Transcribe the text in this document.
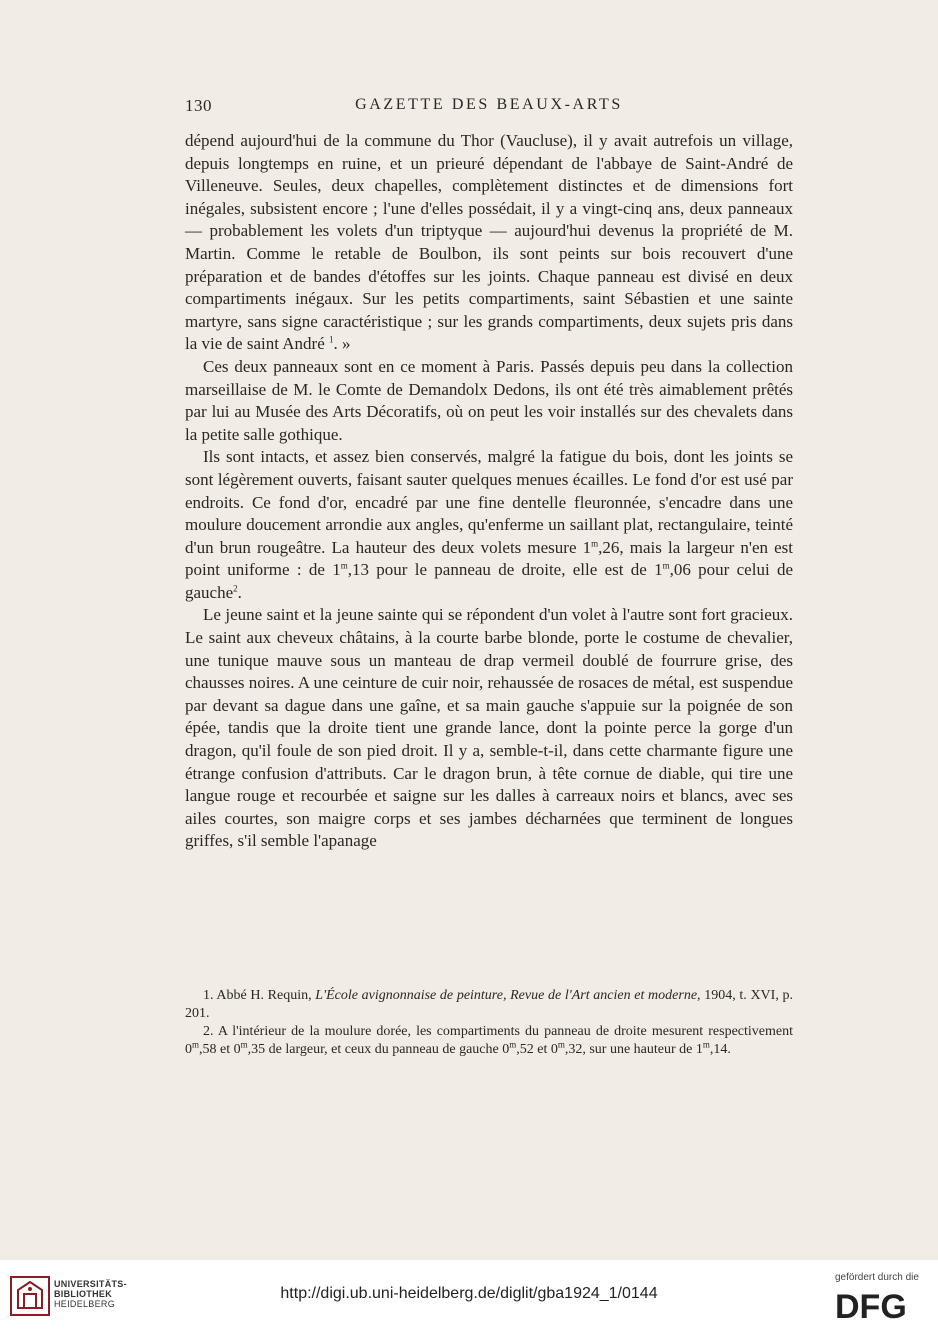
130	GAZETTE DES BEAUX-ARTS

dépend aujourd'hui de la commune du Thor (Vaucluse), il y avait autrefois un village, depuis longtemps en ruine, et un prieuré dépendant de l'abbaye de Saint-André de Villeneuve. Seules, deux chapelles, complètement distinctes et de dimensions fort inégales, subsistent encore ; l'une d'elles possédait, il y a vingt-cinq ans, deux panneaux — probablement les volets d'un triptyque — aujourd'hui devenus la propriété de M. Martin. Comme le retable de Boulbon, ils sont peints sur bois recouvert d'une préparation et de bandes d'étoffes sur les joints. Chaque panneau est divisé en deux compartiments inégaux. Sur les petits compartiments, saint Sébastien et une sainte martyre, sans signe caractéristique ; sur les grands compartiments, deux sujets pris dans la vie de saint André $^1$. »

Ces deux panneaux sont en ce moment à Paris. Passés depuis peu dans la collection marseillaise de M. le Comte de Demandolx Dedons, ils ont été très aimablement prêtés par lui au Musée des Arts Décoratifs, où on peut les voir installés sur des chevalets dans la petite salle gothique.

Ils sont intacts, et assez bien conservés, malgré la fatigue du bois, dont les joints se sont légèrement ouverts, faisant sauter quelques menues écailles. Le fond d'or est usé par endroits. Ce fond d'or, encadré par une fine dentelle fleuronnée, s'encadre dans une moulure doucement arrondie aux angles, qu'enferme un saillant plat, rectangulaire, teinté d'un brun rougeâtre. La hauteur des deux volets mesure 1$^m$,26, mais la largeur n'en est point uniforme : de 1$^m$,13 pour le panneau de droite, elle est de 1$^m$,06 pour celui de gauche$^2$.

Le jeune saint et la jeune sainte qui se répondent d'un volet à l'autre sont fort gracieux. Le saint aux cheveux châtains, à la courte barbe blonde, porte le costume de chevalier, une tunique mauve sous un manteau de drap vermeil doublé de fourrure grise, des chausses noires. A une ceinture de cuir noir, rehaussée de rosaces de métal, est suspendue par devant sa dague dans une gaîne, et sa main gauche s'appuie sur la poignée de son épée, tandis que la droite tient une grande lance, dont la pointe perce la gorge d'un dragon, qu'il foule de son pied droit. Il y a, semble-t-il, dans cette charmante figure une étrange confusion d'attributs. Car le dragon brun, à tête cornue de diable, qui tire une langue rouge et recourbée et saigne sur les dalles à carreaux noirs et blancs, avec ses ailes courtes, son maigre corps et ses jambes décharnées que terminent de longues griffes, s'il semble l'apanage

1. Abbé H. Requin, L'École avignonnaise de peinture, Revue de l'Art ancien et moderne, 1904, t. XVI, p. 201.

2. A l'intérieur de la moulure dorée, les compartiments du panneau de droite mesurent respectivement 0$^m$,58 et 0$^m$,35 de largeur, et ceux du panneau de gauche 0$^m$,52 et 0$^m$,32, sur une hauteur de 1$^m$,14.

UNIVERSITÄTS-
BIBLIOTHEK
HEIDELBERG
http://digi.ub.uni-heidelberg.de/diglit/gba1924_1/0144
gefördert durch die
DFG
